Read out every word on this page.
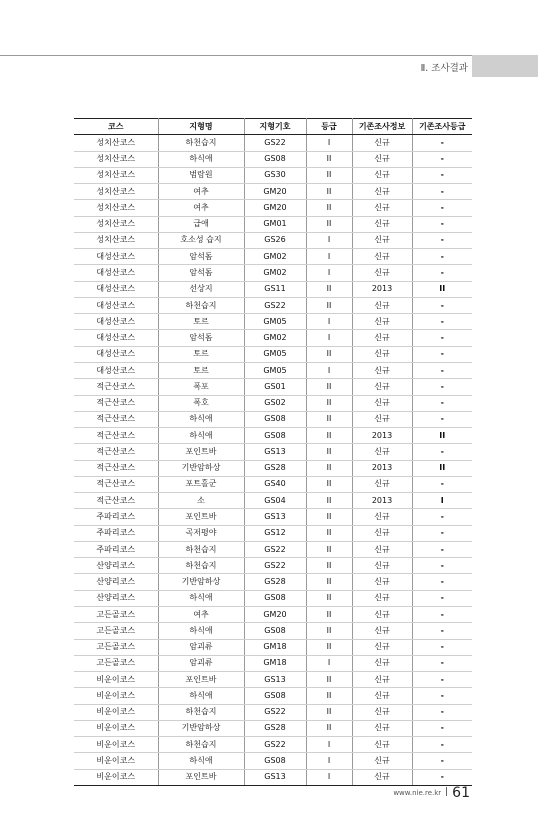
Ⅱ. 조사결과
코스	지형명	지형기호	등급	기존조사정보	기존조사등급
성치산코스	하천습지	GS22	I	신규	-
성치산코스	하식애	GS08	II	신규	-
성치산코스	범람원	GS30	II	신규	-
성치산코스	여추	GM20	II	신규	-
성치산코스	여추	GM20	II	신규	-
성치산코스	급애	GM01	II	신규	-
성치산코스	호소성 습지	GS26	I	신규	-
대성산코스	암석돔	GM02	I	신규	-
대성산코스	암석돔	GM02	I	신규	-
대성산코스	선상지	GS11	II	2013	II
대성산코스	하천습지	GS22	II	신규	-
대성산코스	토르	GM05	I	신규	-
대성산코스	암석돔	GM02	I	신규	-
대성산코스	토르	GM05	II	신규	-
대성산코스	토르	GM05	I	신규	-
적근산코스	폭포	GS01	II	신규	-
적근산코스	폭호	GS02	II	신규	-
적근산코스	하식애	GS08	II	신규	-
적근산코스	하식애	GS08	II	2013	II
적근산코스	포인트바	GS13	II	신규	-
적근산코스	기반암하상	GS28	II	2013	II
적근산코스	포트홀군	GS40	II	신규	-
적근산코스	소	GS04	II	2013	I
주파리코스	포인트바	GS13	II	신규	-
주파리코스	곡저평야	GS12	II	신규	-
주파리코스	하천습지	GS22	II	신규	-
산양리코스	하천습지	GS22	II	신규	-
산양리코스	기반암하상	GS28	II	신규	-
산양리코스	하식애	GS08	II	신규	-
고든골코스	여추	GM20	II	신규	-
고든골코스	하식애	GS08	II	신규	-
고든골코스	암괴류	GM18	II	신규	-
고든골코스	암괴류	GM18	I	신규	-
비운이코스	포인트바	GS13	II	신규	-
비운이코스	하식애	GS08	II	신규	-
비운이코스	하천습지	GS22	II	신규	-
비운이코스	기반암하상	GS28	II	신규	-
비운이코스	하천습지	GS22	I	신규	-
비운이코스	하식애	GS08	I	신규	-
비운이코스	포인트바	GS13	I	신규	-
www.nie.re.kr 61
